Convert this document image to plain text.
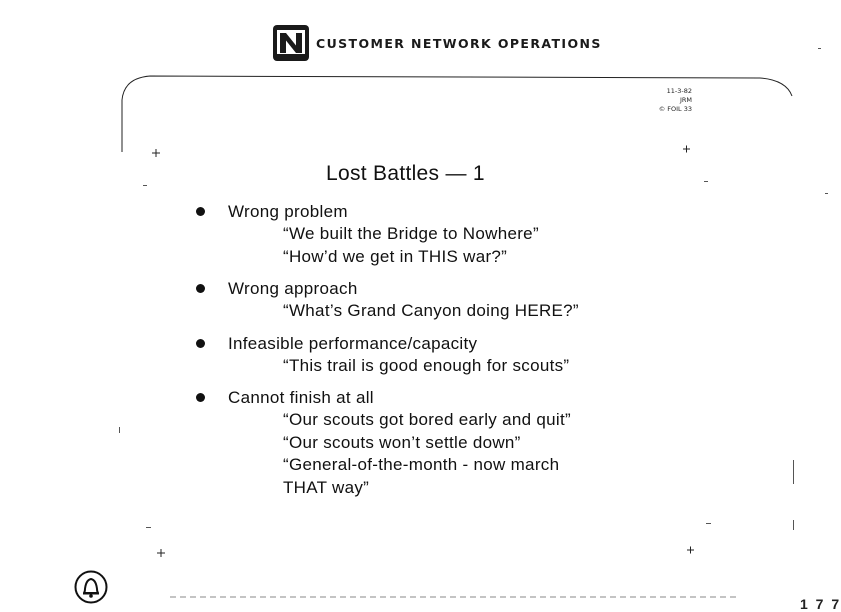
CUSTOMER NETWORK OPERATIONS
11-3-82
JRM
© FOIL 33
Lost Battles — 1
Wrong problem
“We built the Bridge to Nowhere”
“How’d we get in THIS war?”
Wrong approach
“What’s Grand Canyon doing HERE?”
Infeasible performance/capacity
“This trail is good enough for scouts”
Cannot finish at all
“Our scouts got bored early and quit”
“Our scouts won’t settle down”
“General-of-the-month - now march
THAT way”
1 7 7
